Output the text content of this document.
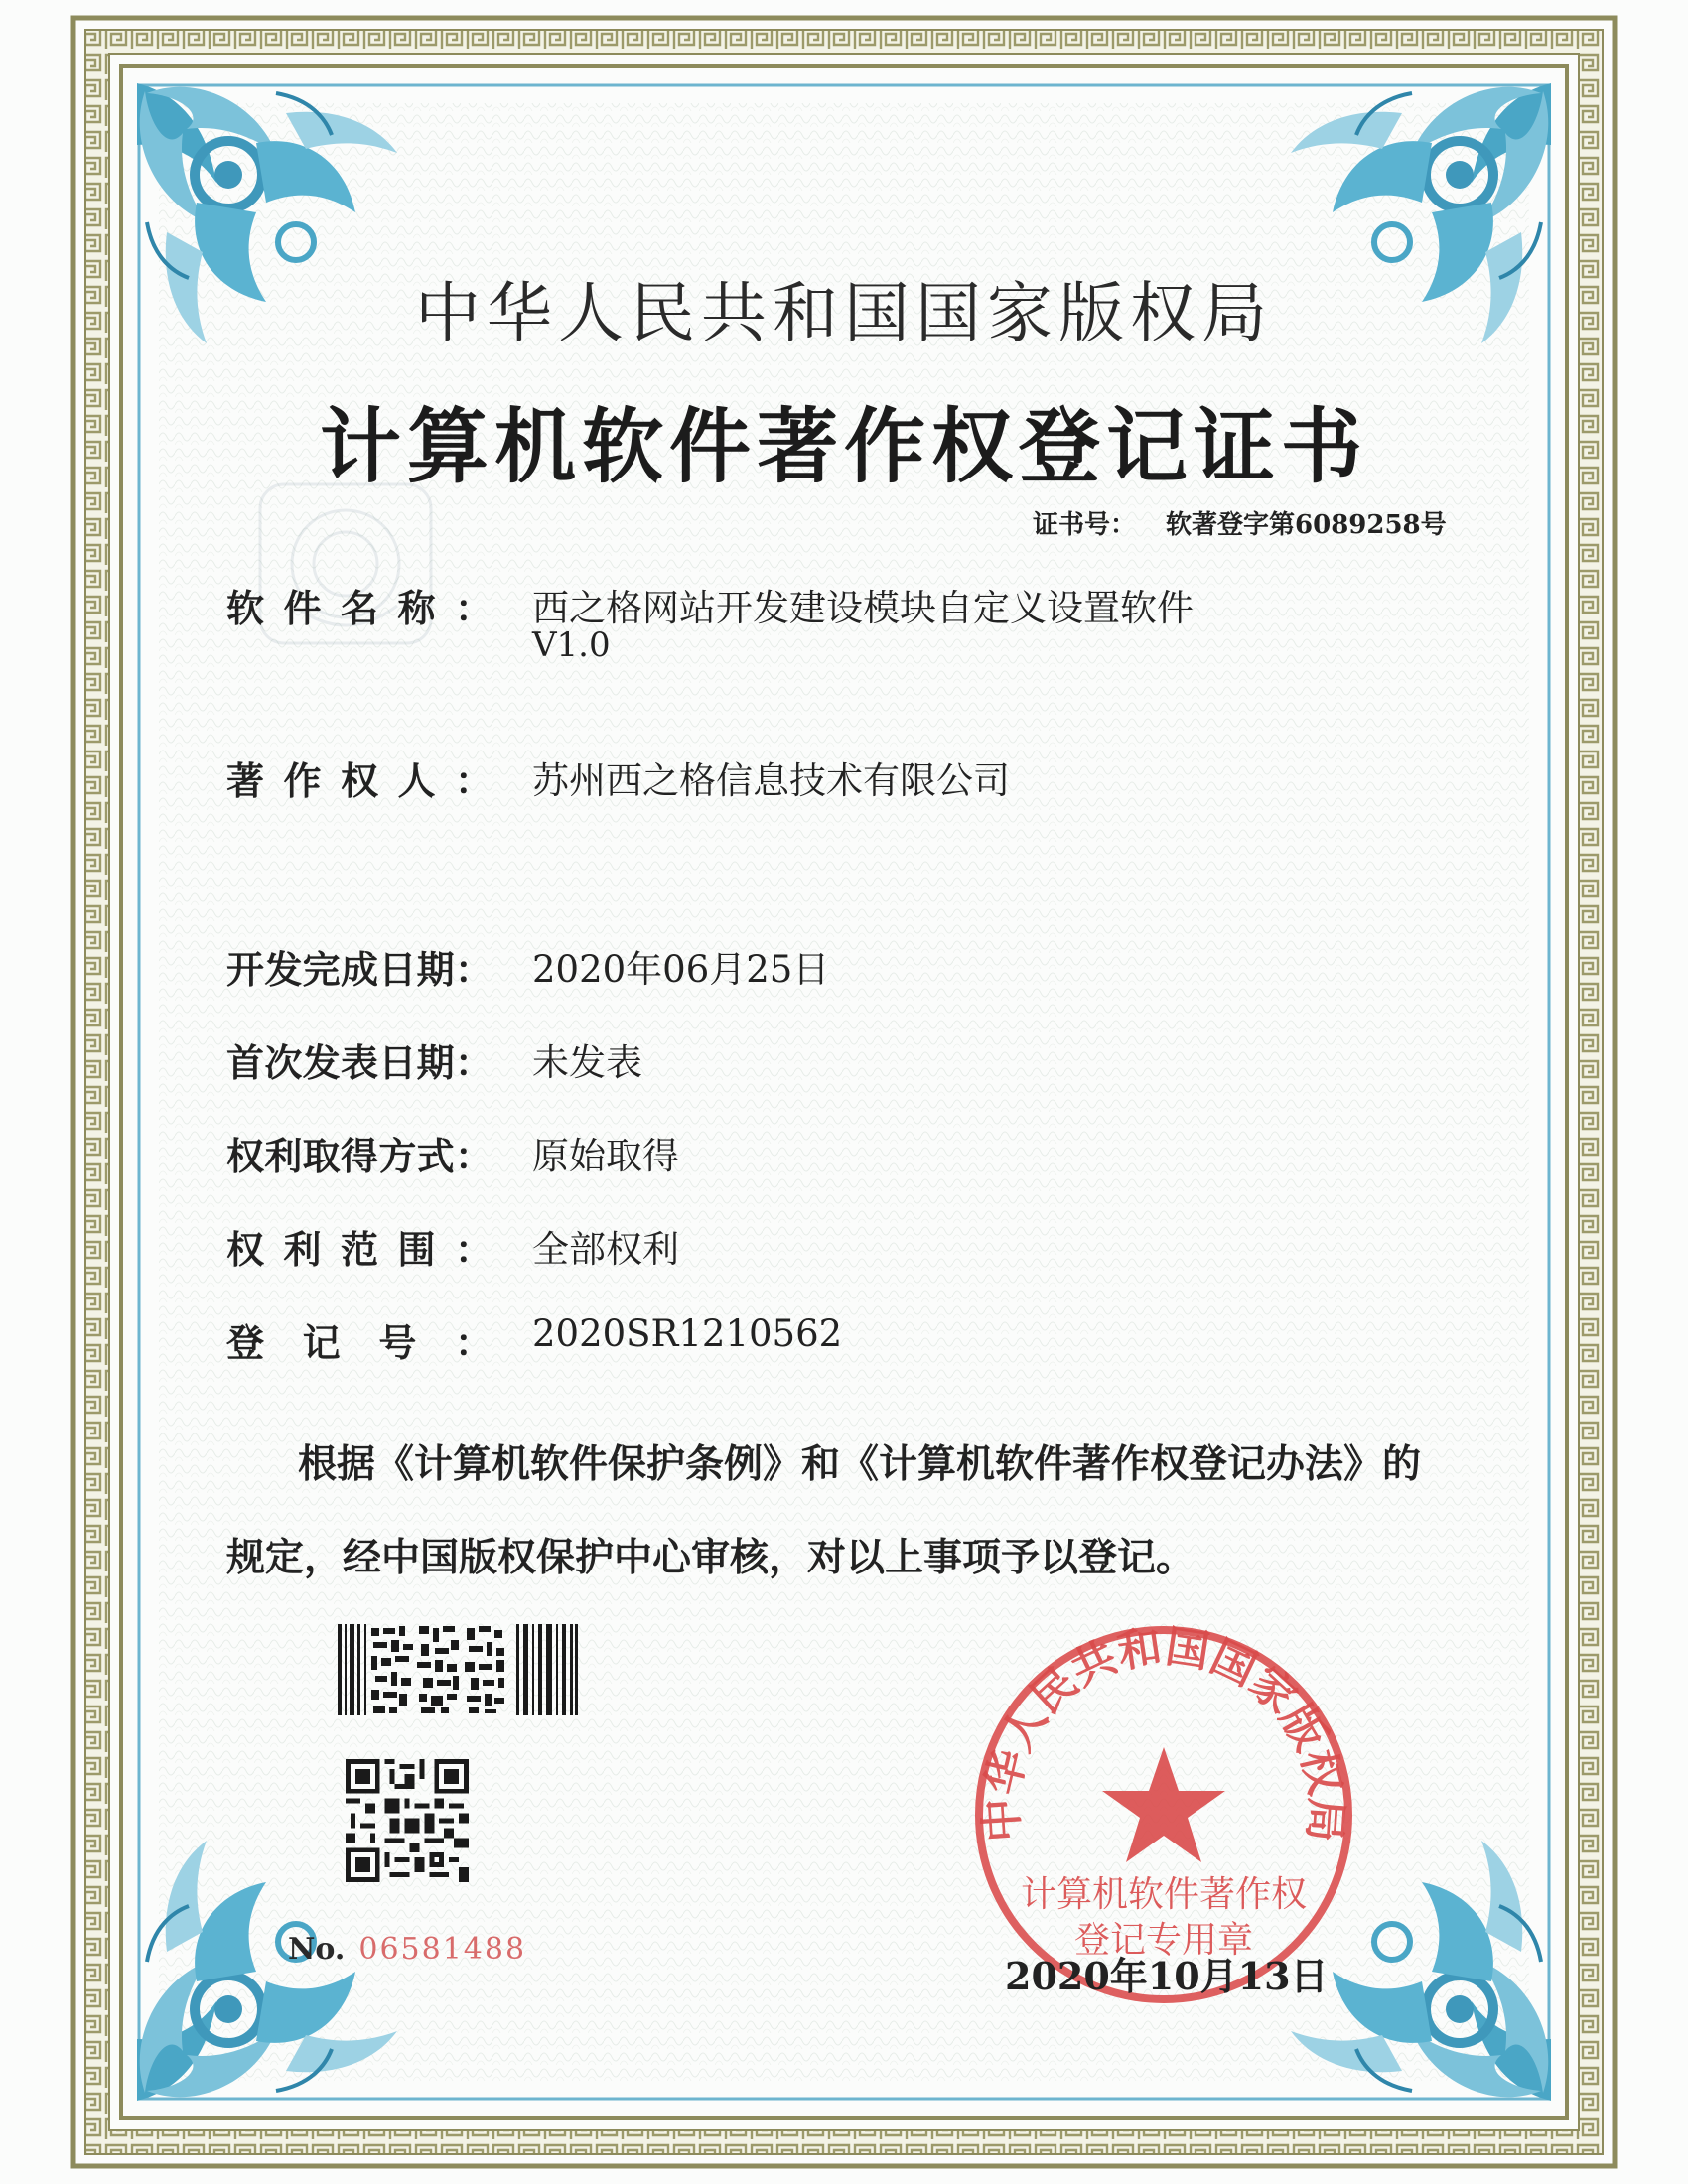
中华人民共和国国家版权局
计算机软件著作权登记证书
证书号： 软著登字第6089258号
软件名称： 西之格网站开发建设模块自定义设置软件
V1.0
著作权人： 苏州西之格信息技术有限公司
开发完成日期： 2020年06月25日
首次发表日期： 未发表
权利取得方式： 原始取得
权利范围： 全部权利
登记号： 2020SR1210562
根据《计算机软件保护条例》和《计算机软件著作权登记办法》的
规定，经中国版权保护中心审核，对以上事项予以登记。
No. 06581488
中华人民共和国国家版权局
计算机软件著作权
登记专用章
2020年10月13日
